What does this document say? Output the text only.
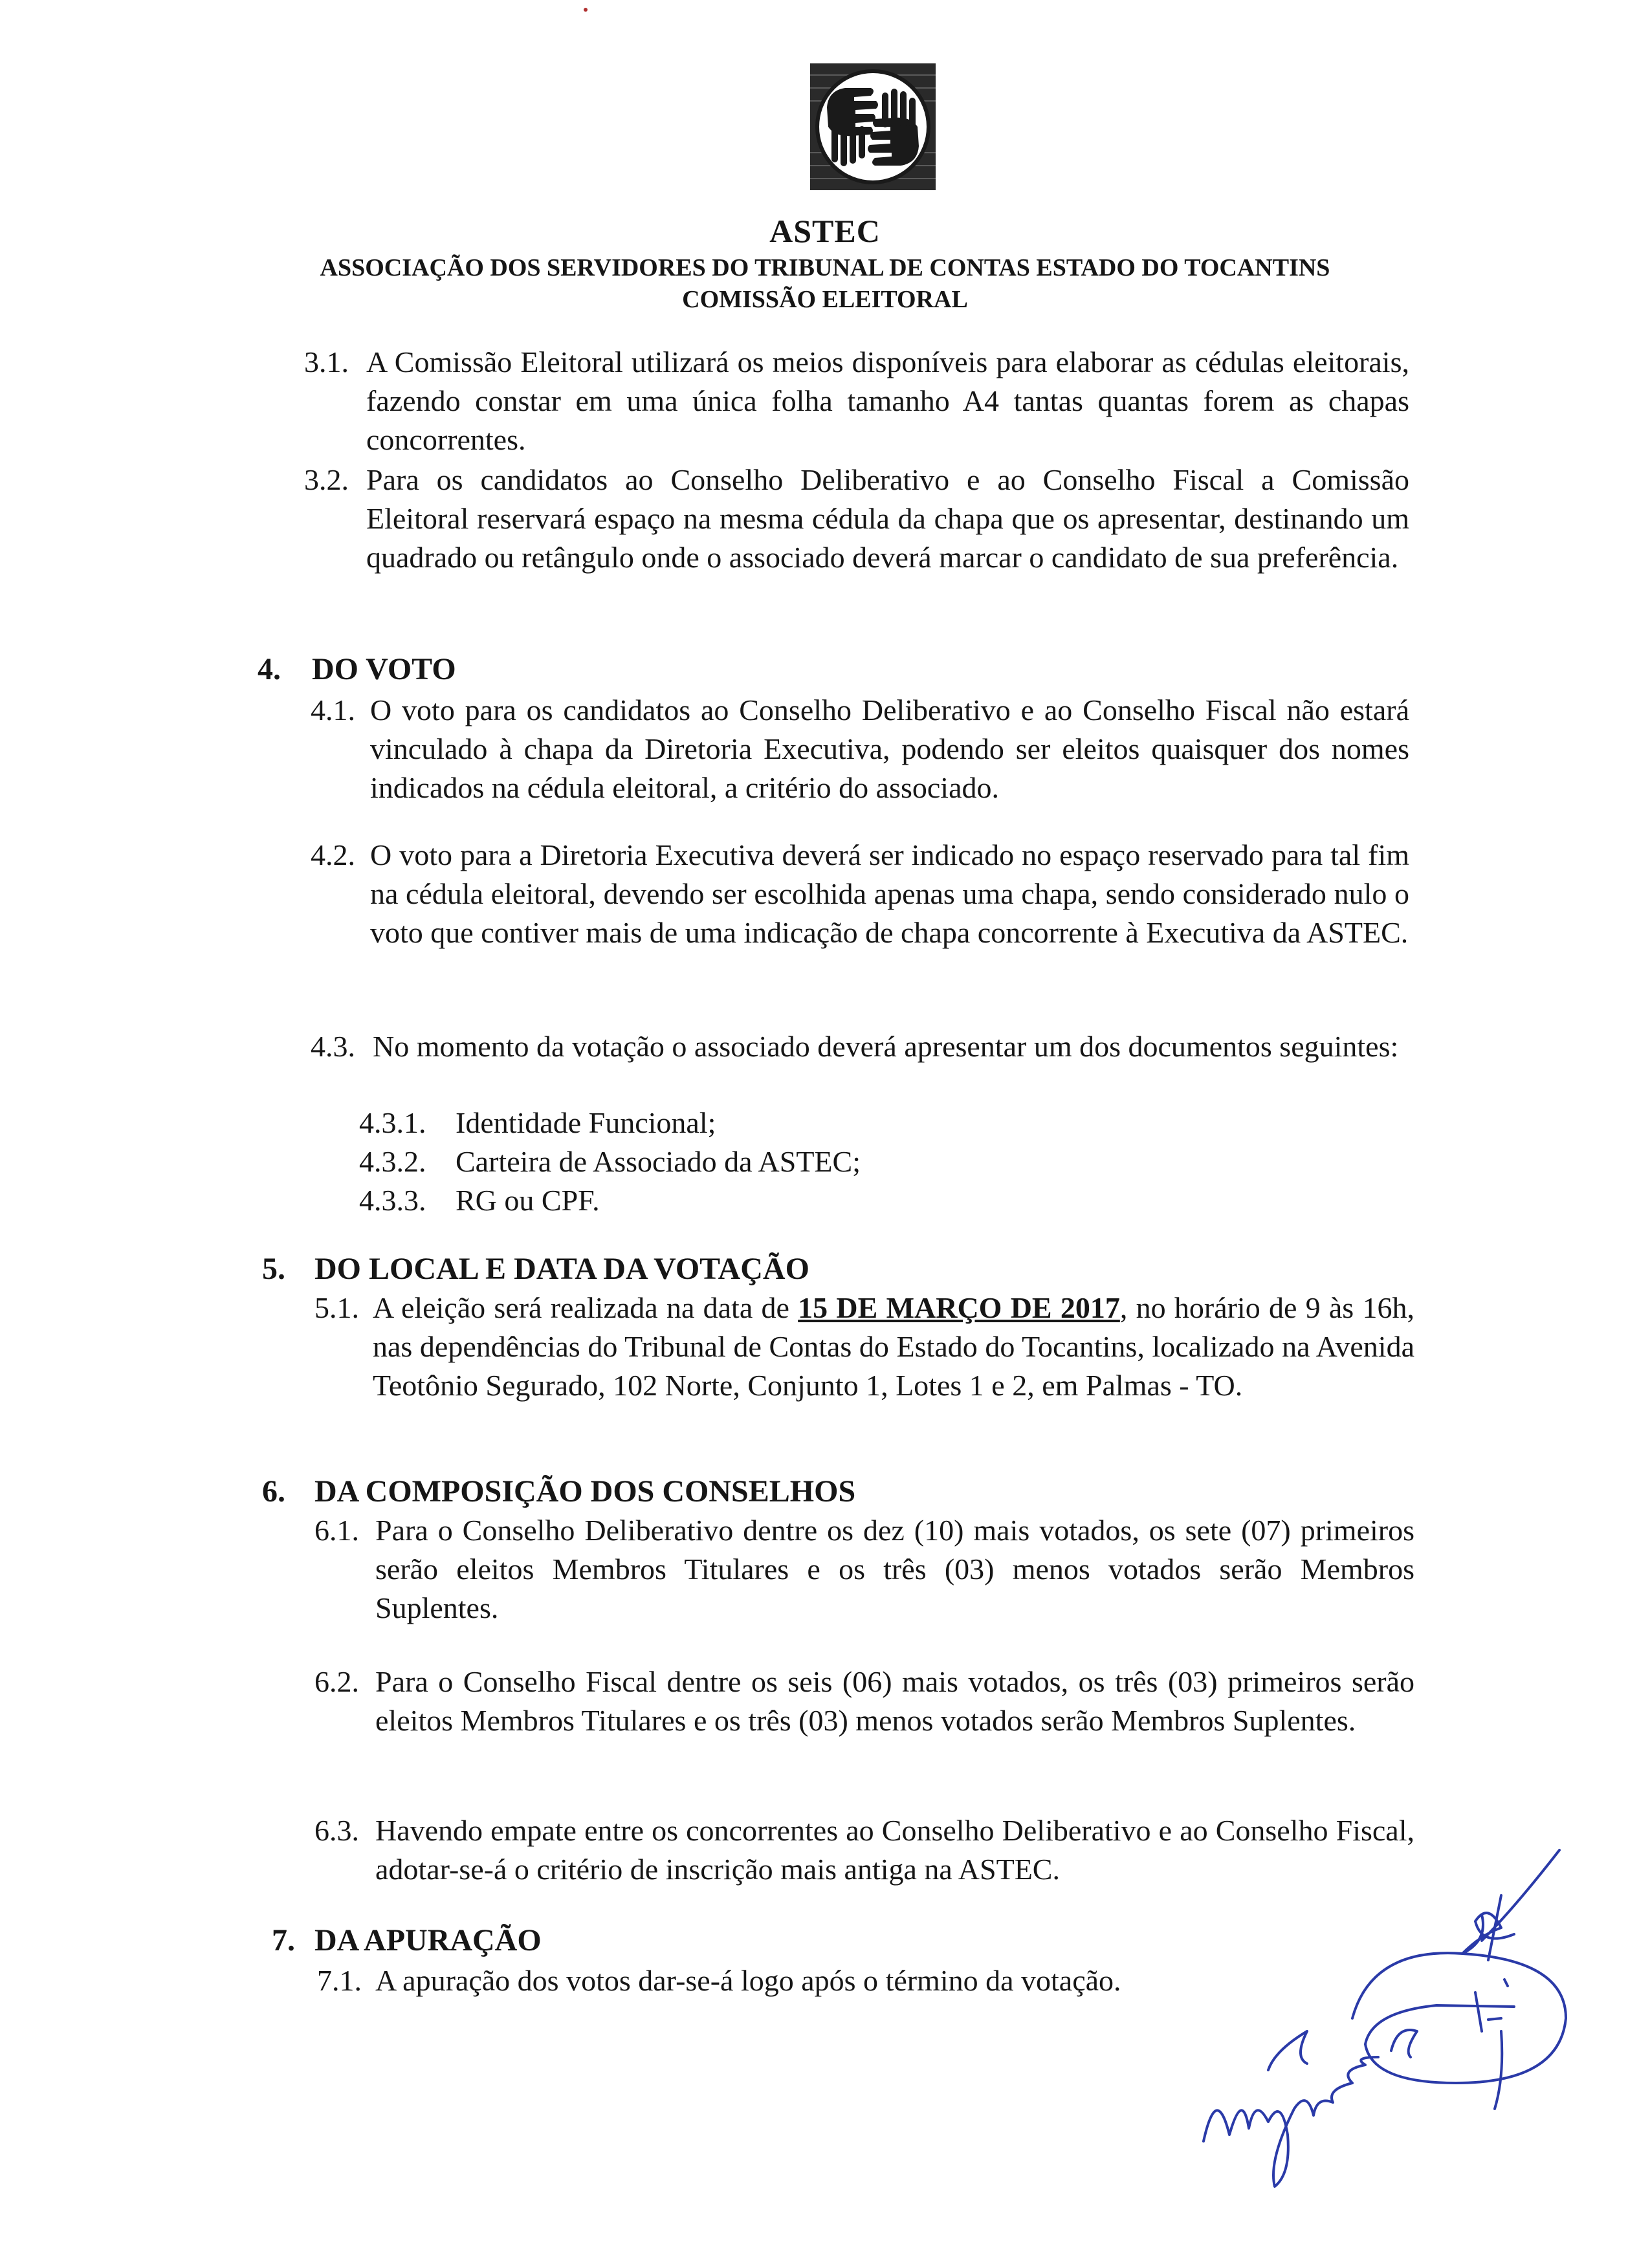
ASTEC
ASSOCIAÇÃO DOS SERVIDORES DO TRIBUNAL DE CONTAS ESTADO DO TOCANTINS
COMISSÃO ELEITORAL
3.1. A Comissão Eleitoral utilizará os meios disponíveis para elaborar as cédulas eleitorais, fazendo constar em uma única folha tamanho A4 tantas quantas forem as chapas concorrentes.

3.2. Para os candidatos ao Conselho Deliberativo e ao Conselho Fiscal a Comissão Eleitoral reservará espaço na mesma cédula da chapa que os apresentar, destinando um quadrado ou retângulo onde o associado deverá marcar o candidato de sua preferência.

4. DO VOTO
4.1. O voto para os candidatos ao Conselho Deliberativo e ao Conselho Fiscal não estará vinculado à chapa da Diretoria Executiva, podendo ser eleitos quaisquer dos nomes indicados na cédula eleitoral, a critério do associado.

4.2. O voto para a Diretoria Executiva deverá ser indicado no espaço reservado para tal fim na cédula eleitoral, devendo ser escolhida apenas uma chapa, sendo considerado nulo o voto que contiver mais de uma indicação de chapa concorrente à Executiva da ASTEC.

4.3. No momento da votação o associado deverá apresentar um dos documentos seguintes:

4.3.1. Identidade Funcional;
4.3.2. Carteira de Associado da ASTEC;
4.3.3. RG ou CPF.
5. DO LOCAL E DATA DA VOTAÇÃO
5.1. A eleição será realizada na data de 15 DE MARÇO DE 2017, no horário de 9 às 16h, nas dependências do Tribunal de Contas do Estado do Tocantins, localizado na Avenida Teotônio Segurado, 102 Norte, Conjunto 1, Lotes 1 e 2, em Palmas - TO.

6. DA COMPOSIÇÃO DOS CONSELHOS
6.1. Para o Conselho Deliberativo dentre os dez (10) mais votados, os sete (07) primeiros serão eleitos Membros Titulares e os três (03) menos votados serão Membros Suplentes.

6.2. Para o Conselho Fiscal dentre os seis (06) mais votados, os três (03) primeiros serão eleitos Membros Titulares e os três (03) menos votados serão Membros Suplentes.

6.3. Havendo empate entre os concorrentes ao Conselho Deliberativo e ao Conselho Fiscal, adotar-se-á o critério de inscrição mais antiga na ASTEC.

7. DA APURAÇÃO
7.1. A apuração dos votos dar-se-á logo após o término da votação.
